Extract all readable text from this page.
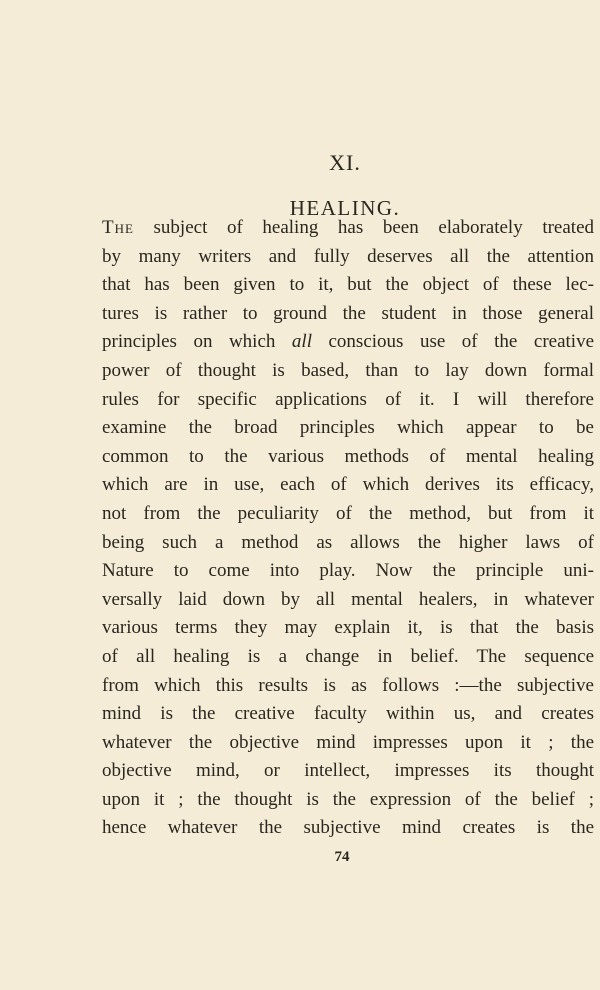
XI.
HEALING.
The subject of healing has been elaborately treated
by many writers and fully deserves all the attention
that has been given to it, but the object of these lec-
tures is rather to ground the student in those general
principles on which all conscious use of the creative
power of thought is based, than to lay down formal
rules for specific applications of it. I will therefore
examine the broad principles which appear to be
common to the various methods of mental healing
which are in use, each of which derives its efficacy,
not from the peculiarity of the method, but from it
being such a method as allows the higher laws of
Nature to come into play. Now the principle uni-
versally laid down by all mental healers, in whatever
various terms they may explain it, is that the basis
of all healing is a change in belief. The sequence
from which this results is as follows :—the subjective
mind is the creative faculty within us, and creates
whatever the objective mind impresses upon it ; the
objective mind, or intellect, impresses its thought
upon it ; the thought is the expression of the belief ;
hence whatever the subjective mind creates is the
74
